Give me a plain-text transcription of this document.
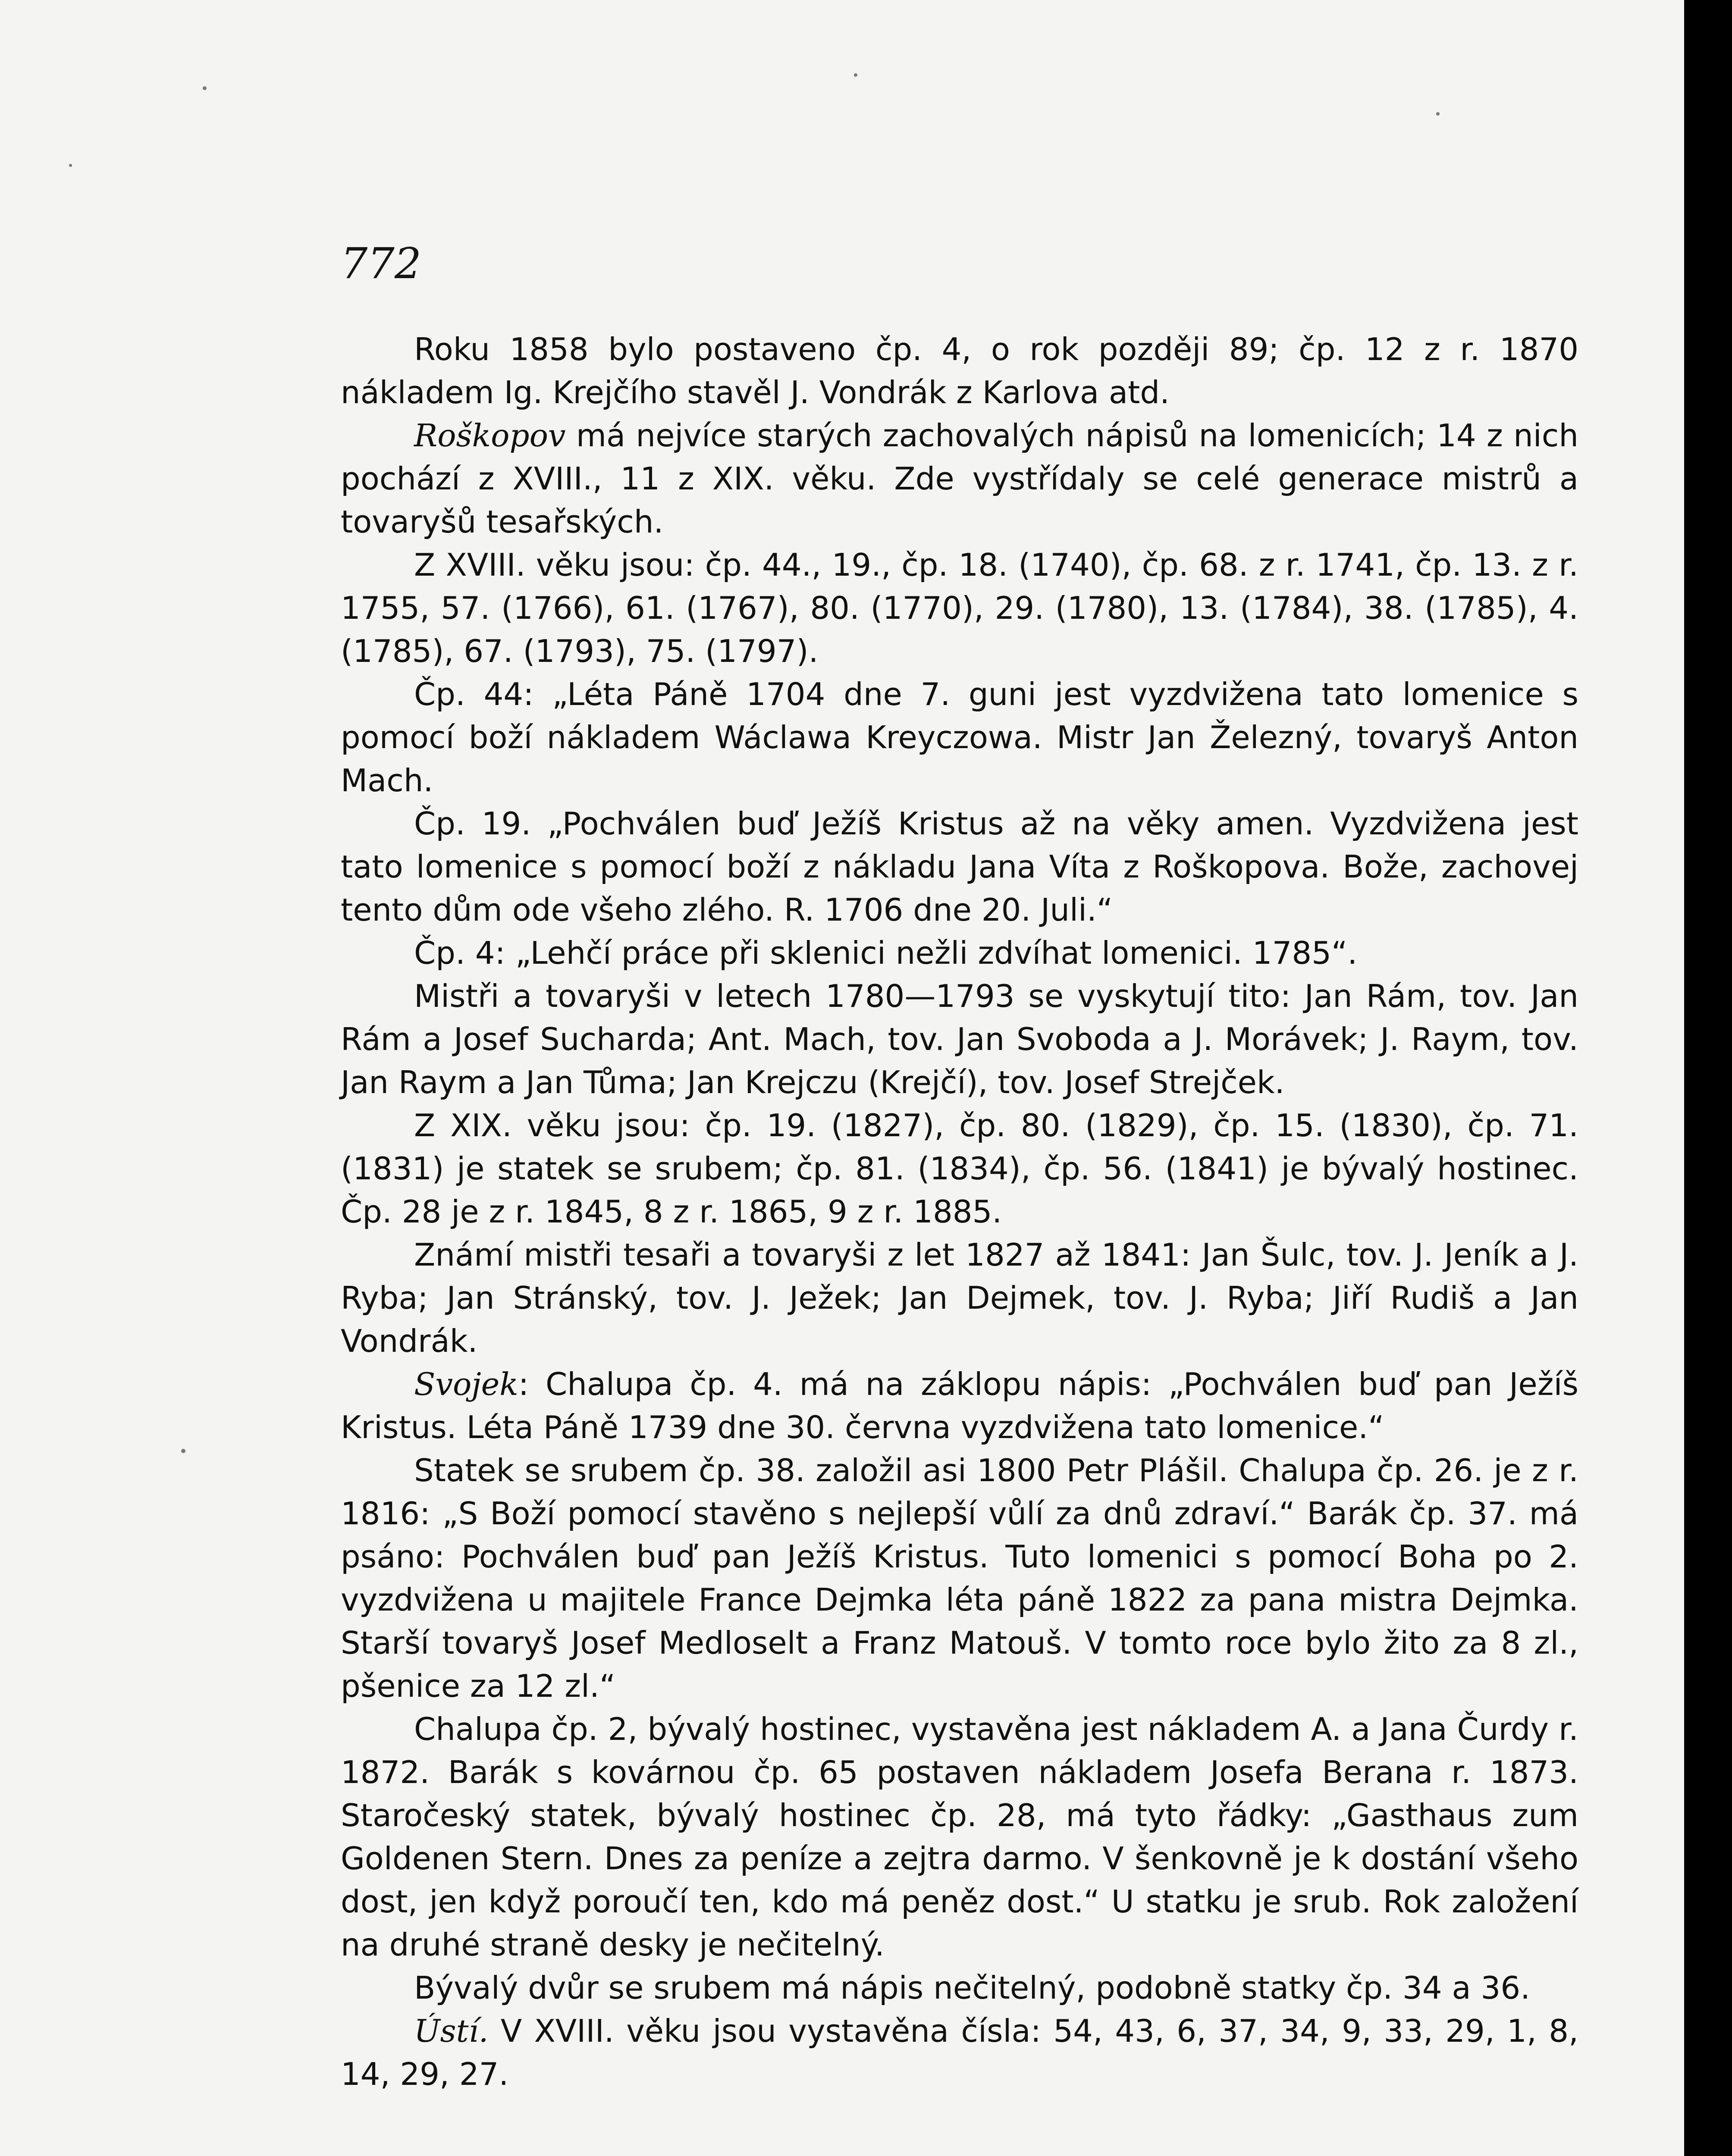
772

Roku 1858 bylo postaveno čp. 4, o rok později 89; čp. 12 z r. 1870 nákladem Ig. Krejčího stavěl J. Vondrák z Karlova atd.

Roškopov má nejvíce starých zachovalých nápisů na lomenicích; 14 z nich pochází z XVIII., 11 z XIX. věku. Zde vystřídaly se celé generace mistrů a tovaryšů tesařských.

Z XVIII. věku jsou: čp. 44., 19., čp. 18. (1740), čp. 68. z r. 1741, čp. 13. z r. 1755, 57. (1766), 61. (1767), 80. (1770), 29. (1780), 13. (1784), 38. (1785), 4. (1785), 67. (1793), 75. (1797).

Čp. 44: „Léta Páně 1704 dne 7. guni jest vyzdvižena tato lomenice s pomocí boží nákladem Wáclawa Kreyczowa. Mistr Jan Železný, tovaryš Anton Mach.

Čp. 19. „Pochválen buď Ježíš Kristus až na věky amen. Vyzdvižena jest tato lomenice s pomocí boží z nákladu Jana Víta z Roškopova. Bože, zachovej tento dům ode všeho zlého. R. 1706 dne 20. Juli.“

Čp. 4: „Lehčí práce při sklenici nežli zdvíhat lomenici. 1785“.

Mistři a tovaryši v letech 1780—1793 se vyskytují tito: Jan Rám, tov. Jan Rám a Josef Sucharda; Ant. Mach, tov. Jan Svoboda a J. Morávek; J. Raym, tov. Jan Raym a Jan Tůma; Jan Krejczu (Krejčí), tov. Josef Strejček.

Z XIX. věku jsou: čp. 19. (1827), čp. 80. (1829), čp. 15. (1830), čp. 71. (1831) je statek se srubem; čp. 81. (1834), čp. 56. (1841) je bývalý hostinec. Čp. 28 je z r. 1845, 8 z r. 1865, 9 z r. 1885.

Známí mistři tesaři a tovaryši z let 1827 až 1841: Jan Šulc, tov. J. Jeník a J. Ryba; Jan Stránský, tov. J. Ježek; Jan Dejmek, tov. J. Ryba; Jiří Rudiš a Jan Vondrák.

Svojek: Chalupa čp. 4. má na záklopu nápis: „Pochválen buď pan Ježíš Kristus. Léta Páně 1739 dne 30. června vyzdvižena tato lomenice.“

Statek se srubem čp. 38. založil asi 1800 Petr Plášil. Chalupa čp. 26. je z r. 1816: „S Boží pomocí stavěno s nejlepší vůlí za dnů zdraví.“ Barák čp. 37. má psáno: Pochválen buď pan Ježíš Kristus. Tuto lomenici s pomocí Boha po 2. vyzdvižena u majitele France Dejmka léta páně 1822 za pana mistra Dejmka. Starší tovaryš Josef Medloselt a Franz Matouš. V tomto roce bylo žito za 8 zl., pšenice za 12 zl.“

Chalupa čp. 2, bývalý hostinec, vystavěna jest nákladem A. a Jana Čurdy r. 1872. Barák s kovárnou čp. 65 postaven nákladem Josefa Berana r. 1873. Staročeský statek, bývalý hostinec čp. 28, má tyto řádky: „Gasthaus zum Goldenen Stern. Dnes za peníze a zejtra darmo. V šenkovně je k dostání všeho dost, jen když poroučí ten, kdo má peněz dost.“ U statku je srub. Rok založení na druhé straně desky je nečitelný.

Bývalý dvůr se srubem má nápis nečitelný, podobně statky čp. 34 a 36.

Ústí. V XVIII. věku jsou vystavěna čísla: 54, 43, 6, 37, 34, 9, 33, 29, 1, 8, 14, 29, 27.
